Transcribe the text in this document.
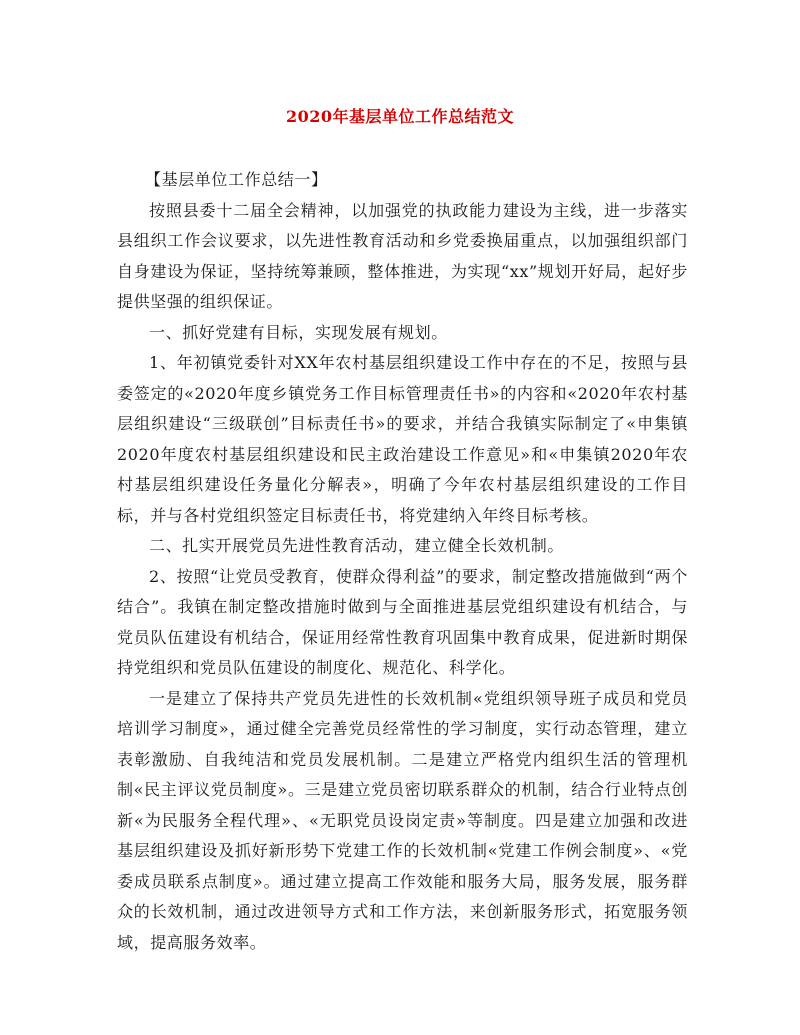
2020年基层单位工作总结范文

【基层单位工作总结一】

按照县委十二届全会精神，以加强党的执政能力建设为主线，进一步落实县组织工作会议要求，以先进性教育活动和乡党委换届重点，以加强组织部门自身建设为保证，坚持统筹兼顾，整体推进，为实现“xx”规划开好局，起好步提供坚强的组织保证。

一、抓好党建有目标，实现发展有规划。

1、年初镇党委针对XX年农村基层组织建设工作中存在的不足，按照与县委签定的«2020年度乡镇党务工作目标管理责任书»的内容和«2020年农村基层组织建设“三级联创”目标责任书»的要求，并结合我镇实际制定了«申集镇2020年度农村基层组织建设和民主政治建设工作意见»和«申集镇2020年农村基层组织建设任务量化分解表»，明确了今年农村基层组织建设的工作目标，并与各村党组织签定目标责任书，将党建纳入年终目标考核。

二、扎实开展党员先进性教育活动，建立健全长效机制。

2、按照“让党员受教育，使群众得利益”的要求，制定整改措施做到“两个结合”。我镇在制定整改措施时做到与全面推进基层党组织建设有机结合，与党员队伍建设有机结合，保证用经常性教育巩固集中教育成果，促进新时期保持党组织和党员队伍建设的制度化、规范化、科学化。

一是建立了保持共产党员先进性的长效机制«党组织领导班子成员和党员培训学习制度»，通过健全完善党员经常性的学习制度，实行动态管理，建立表彰激励、自我纯洁和党员发展机制。二是建立严格党内组织生活的管理机制«民主评议党员制度»。三是建立党员密切联系群众的机制，结合行业特点创新«为民服务全程代理»、«无职党员设岗定责»等制度。四是建立加强和改进基层组织建设及抓好新形势下党建工作的长效机制«党建工作例会制度»、«党委成员联系点制度»。通过建立提高工作效能和服务大局，服务发展，服务群众的长效机制，通过改进领导方式和工作方法，来创新服务形式，拓宽服务领域，提高服务效率。
